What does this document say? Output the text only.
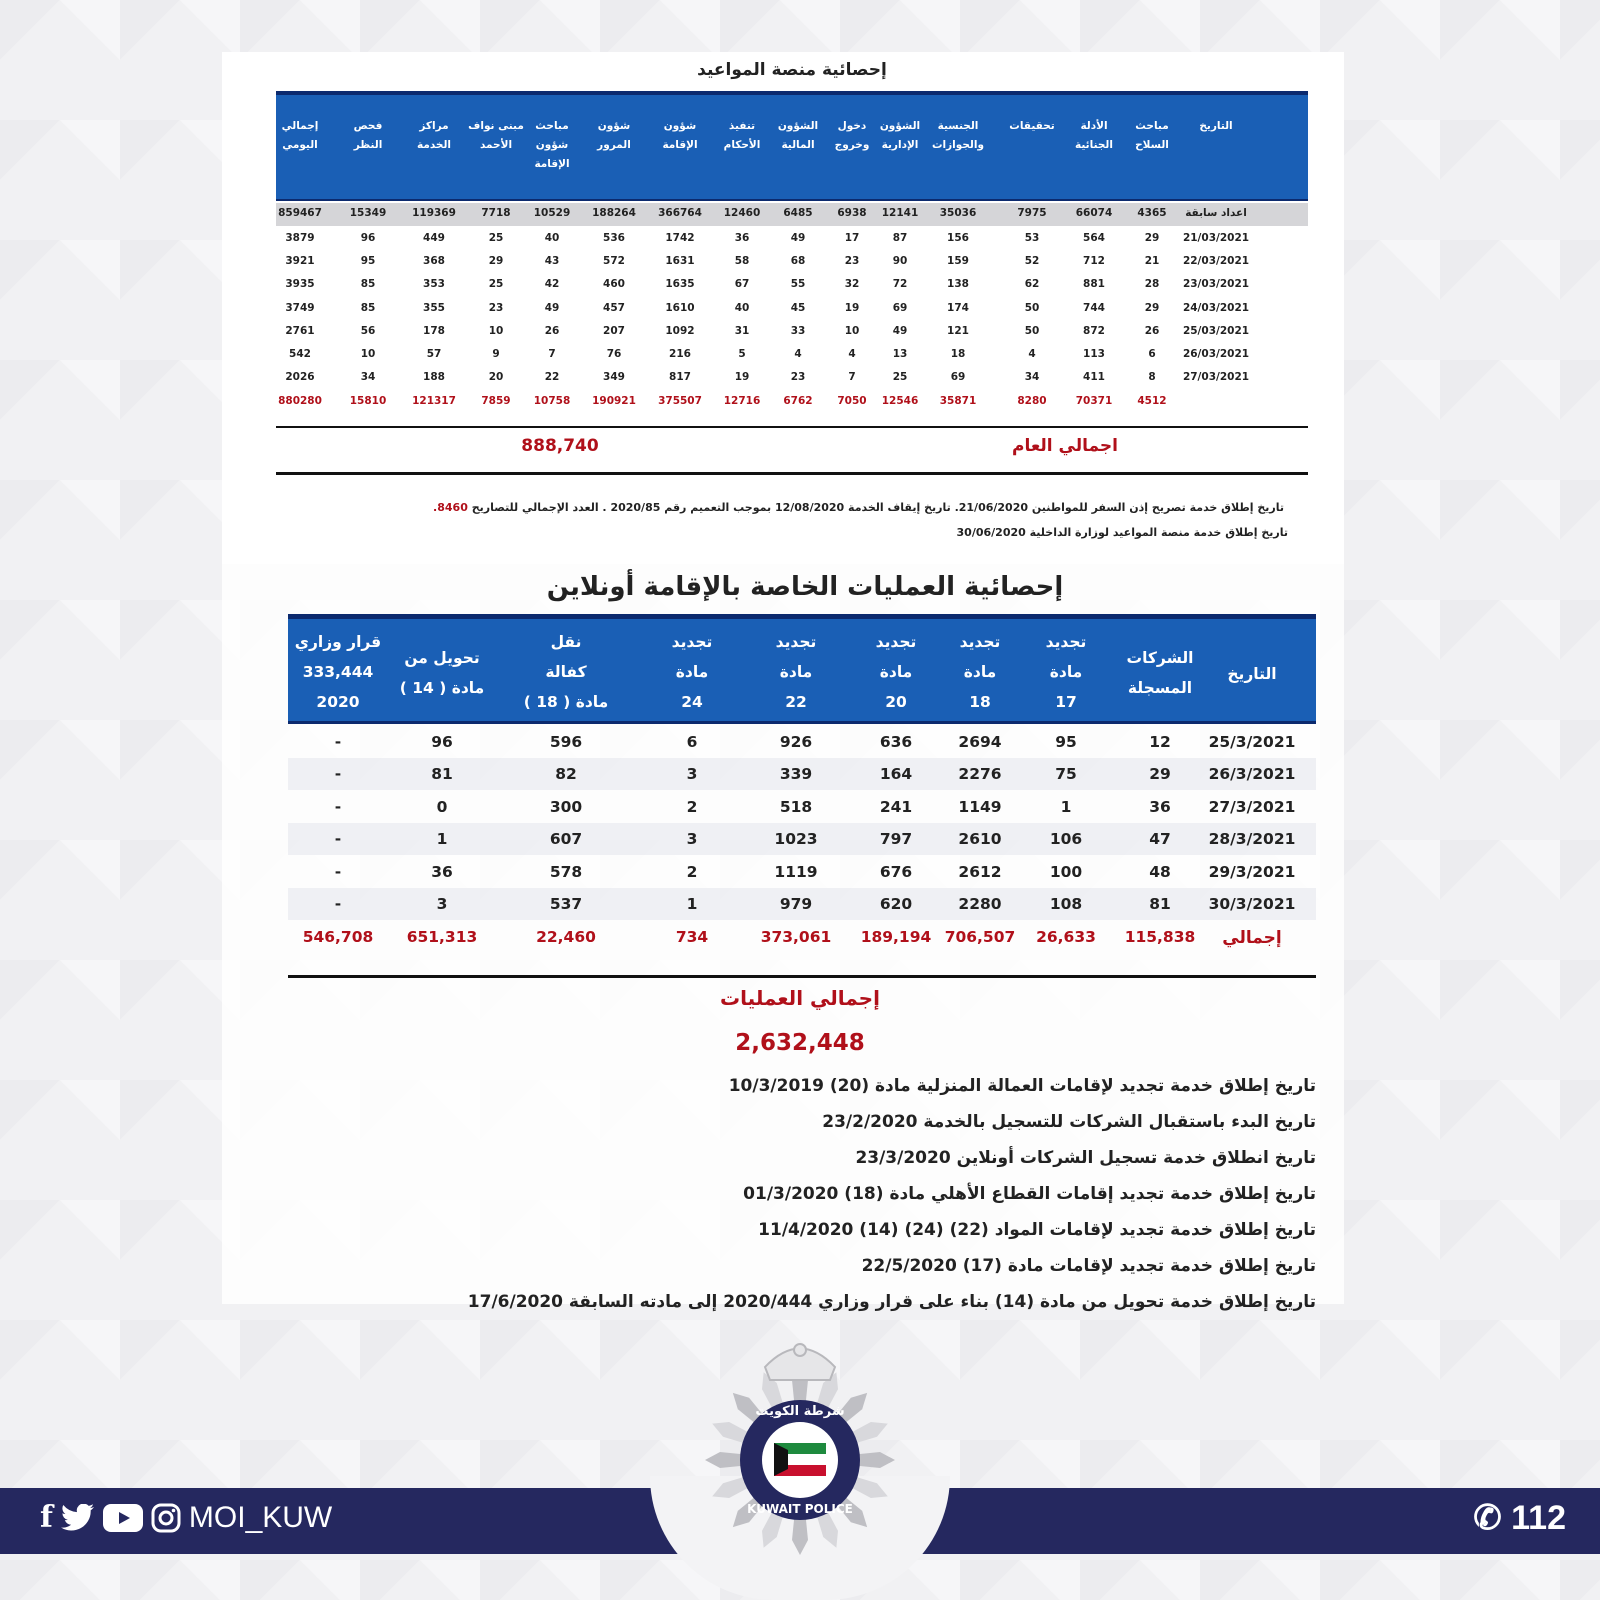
إحصائية منصة المواعيد
التاريخ
مباحث السلاح
الأدلة الجنائية
تحقيقات
الجنسية والجوازات
الشؤون الإدارية
دخول وخروج
الشؤون المالية
تنفيذ الأحكام
شؤون الإقامة
شؤون المرور
مباحث شؤون الإقامة
مبنى نواف الأحمد
مراكز الخدمة
فحص النظر
إجمالي اليومي
اعداد سابقة
4365
66074
7975
35036
12141
6938
6485
12460
366764
188264
10529
7718
119369
15349
859467
21/03/2021
29
564
53
156
87
17
49
36
1742
536
40
25
449
96
3879
22/03/2021
21
712
52
159
90
23
68
58
1631
572
43
29
368
95
3921
23/03/2021
28
881
62
138
72
32
55
67
1635
460
42
25
353
85
3935
24/03/2021
29
744
50
174
69
19
45
40
1610
457
49
23
355
85
3749
25/03/2021
26
872
50
121
49
10
33
31
1092
207
26
10
178
56
2761
26/03/2021
6
113
4
18
13
4
4
5
216
76
7
9
57
10
542
27/03/2021
8
411
34
69
25
7
23
19
817
349
22
20
188
34
2026
4512
70371
8280
35871
12546
7050
6762
12716
375507
190921
10758
7859
121317
15810
880280
اجمالي العام
888,740
تاريخ إطلاق خدمة تصريح إذن السفر للمواطنين 21/06/2020. تاريخ إيقاف الخدمة 12/08/2020 بموجب التعميم رقم 2020/85 . العدد الإجمالي للتصاريح 8460.
تاريخ إطلاق خدمة منصة المواعيد لوزارة الداخلية 30/06/2020
إحصائية العمليات الخاصة بالإقامة أونلاين
التاريخ
الشركات
المسجلة
تجديد
مادة
17
تجديد
مادة
18
تجديد
مادة
20
تجديد
مادة
22
تجديد
مادة
24
نقل
كفالة
مادة ( 18 )
تحويل من
مادة ( 14 )
قرار وزاري
333,444
2020
25/3/2021
12
95
2694
636
926
6
596
96
-
26/3/2021
29
75
2276
164
339
3
82
81
-
27/3/2021
36
1
1149
241
518
2
300
0
-
28/3/2021
47
106
2610
797
1023
3
607
1
-
29/3/2021
48
100
2612
676
1119
2
578
36
-
30/3/2021
81
108
2280
620
979
1
537
3
-
إجمالي
115,838
26,633
706,507
189,194
373,061
734
22,460
651,313
546,708
إجمالي العمليات
2,632,448
تاريخ إطلاق خدمة تجديد لإقامات العمالة المنزلية مادة (20) 10/3/2019
تاريخ البدء باستقبال الشركات للتسجيل بالخدمة 23/2/2020
تاريخ انطلاق خدمة تسجيل الشركات أونلاين 23/3/2020
تاريخ إطلاق خدمة تجديد إقامات القطاع الأهلي مادة (18) 01/3/2020
تاريخ إطلاق خدمة تجديد لإقامات المواد (22) (24) (14) 11/4/2020
تاريخ إطلاق خدمة تجديد لإقامات مادة (17) 22/5/2020
تاريخ إطلاق خدمة تحويل من مادة (14) بناء على قرار وزاري 2020/444 إلى مادته السابقة 17/6/2020
f	MOI_KUW	✆ 112
شرطة الكويت
KUWAIT POLICE
